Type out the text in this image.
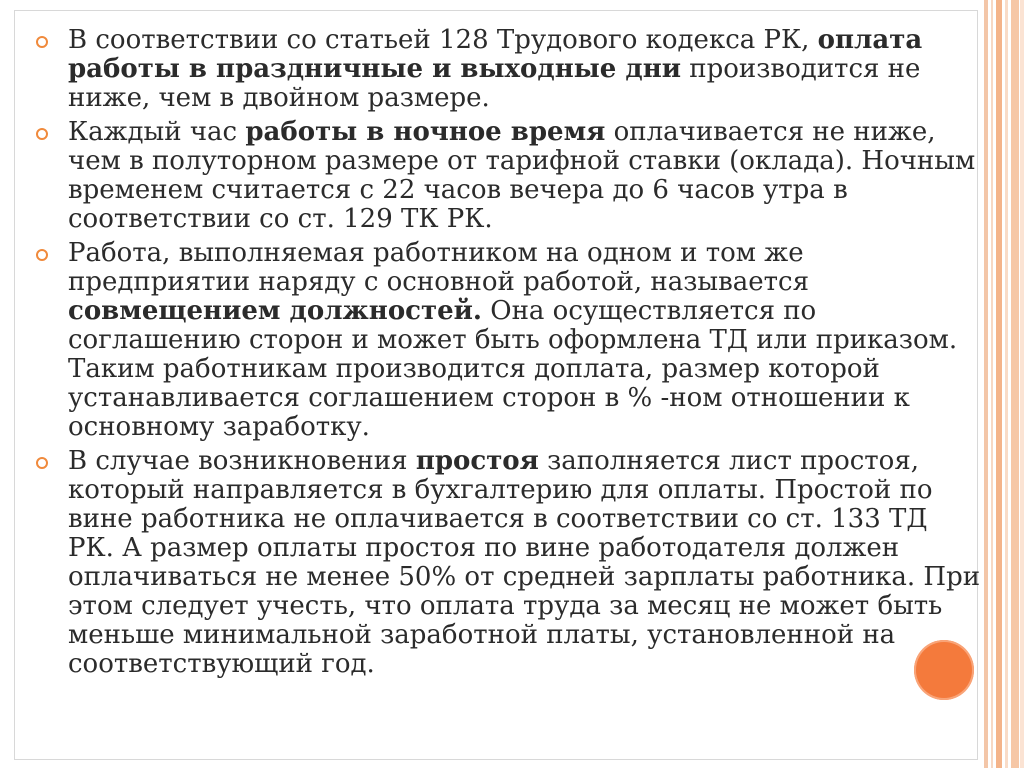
В соответствии со статьей 128 Трудового кодекса РК, оплата работы в праздничные и выходные дни производится не ниже, чем в двойном размере.
Каждый час работы в ночное время оплачивается не ниже, чем в полуторном размере от тарифной ставки (оклада). Ночным временем считается с 22 часов вечера до 6 часов утра в соответствии со ст. 129 ТК РК.
Работа, выполняемая работником на одном и том же предприятии наряду с основной работой, называется совмещением должностей. Она осуществляется по соглашению сторон и может быть оформлена ТД или приказом. Таким работникам производится доплата, размер которой устанавливается соглашением сторон в % -ном отношении к основному заработку.
В случае возникновения простоя заполняется лист простоя, который направляется в бухгалтерию для оплаты. Простой по вине работника не оплачивается в соответствии со ст. 133 ТД РК. А размер оплаты простоя по вине работодателя должен оплачиваться не менее 50% от средней зарплаты работника. При этом следует учесть, что оплата труда за месяц не может быть меньше минимальной заработной платы, установленной на соответствующий год.
